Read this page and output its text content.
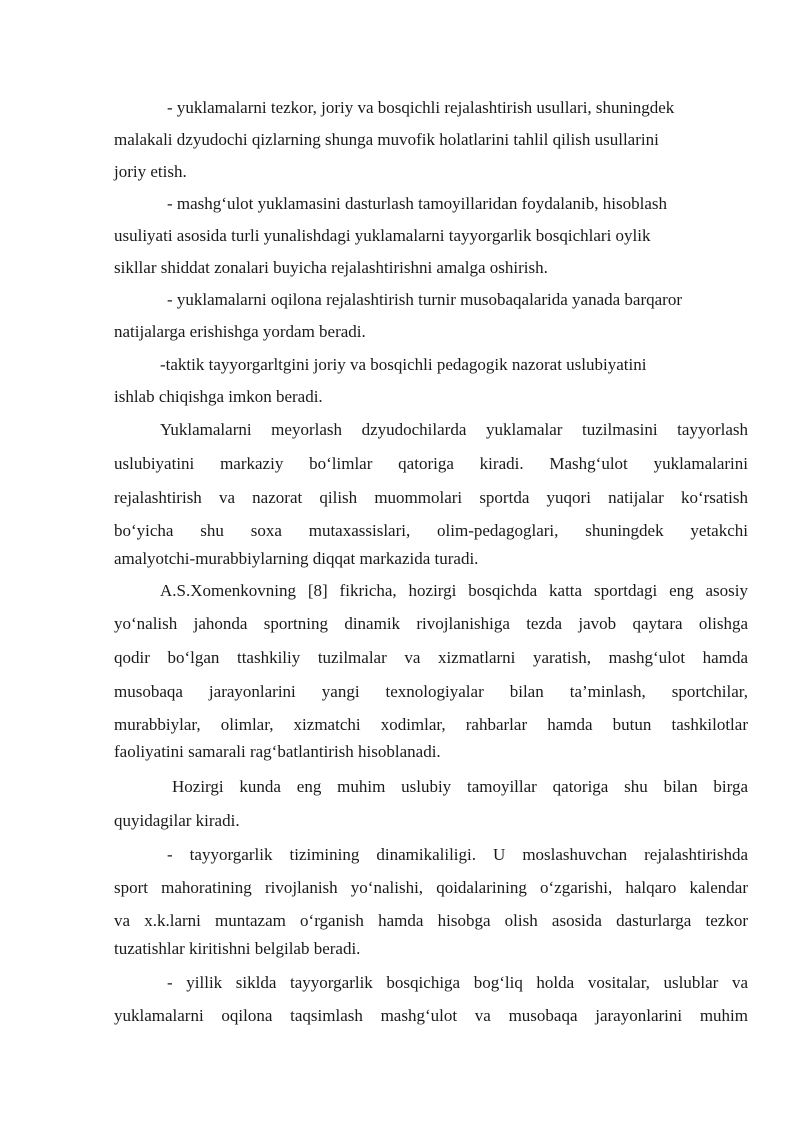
- yuklamalarni tezkor, joriy va bosqichli rejalashtirish usullari, shuningdek
malakali dzyudochi qizlarning shunga muvofik holatlarini tahlil qilish usullarini
joriy etish.
- mashg‘ulot yuklamasini dasturlash tamoyillaridan foydalanib, hisoblash
usuliyati asosida turli yunalishdagi yuklamalarni tayyorgarlik bosqichlari oylik
sikllar shiddat zonalari buyicha rejalashtirishni amalga oshirish.
- yuklamalarni oqilona rejalashtirish turnir musobaqalarida yanada barqaror
natijalarga erishishga yordam beradi.
-taktik tayyorgarltgini joriy va bosqichli pedagogik nazorat uslubiyatini
ishlab chiqishga imkon beradi.
Yuklamalarni meyorlash dzyudochilarda yuklamalar tuzilmasini tayyorlash
uslubiyatini markaziy bo‘limlar qatoriga kiradi. Mashg‘ulot yuklamalarini
rejalashtirish va nazorat qilish muommolari sportda yuqori natijalar ko‘rsatish
bo‘yicha shu soxa mutaxassislari, olim-pedagoglari, shuningdek yetakchi
amalyotchi-murabbiylarning diqqat markazida turadi.
A.S.Xomenkovning [8] fikricha, hozirgi bosqichda katta sportdagi eng asosiy
yo‘nalish jahonda sportning dinamik rivojlanishiga tezda javob qaytara olishga
qodir bo‘lgan ttashkiliy tuzilmalar va xizmatlarni yaratish, mashg‘ulot hamda
musobaqa jarayonlarini yangi texnologiyalar bilan ta’minlash, sportchilar,
murabbiylar, olimlar, xizmatchi xodimlar, rahbarlar hamda butun tashkilotlar
faoliyatini samarali rag‘batlantirish hisoblanadi.
Hozirgi kunda eng muhim uslubiy tamoyillar qatoriga shu bilan birga
quyidagilar kiradi.
- tayyorgarlik tizimining dinamikaliligi. U moslashuvchan rejalashtirishda
sport mahoratining rivojlanish yo‘nalishi, qoidalarining o‘zgarishi, halqaro kalendar
va x.k.larni muntazam o‘rganish hamda hisobga olish asosida dasturlarga tezkor
tuzatishlar kiritishni belgilab beradi.
- yillik siklda tayyorgarlik bosqichiga bog‘liq holda vositalar, uslublar va
yuklamalarni oqilona taqsimlash mashg‘ulot va musobaqa jarayonlarini muhim
